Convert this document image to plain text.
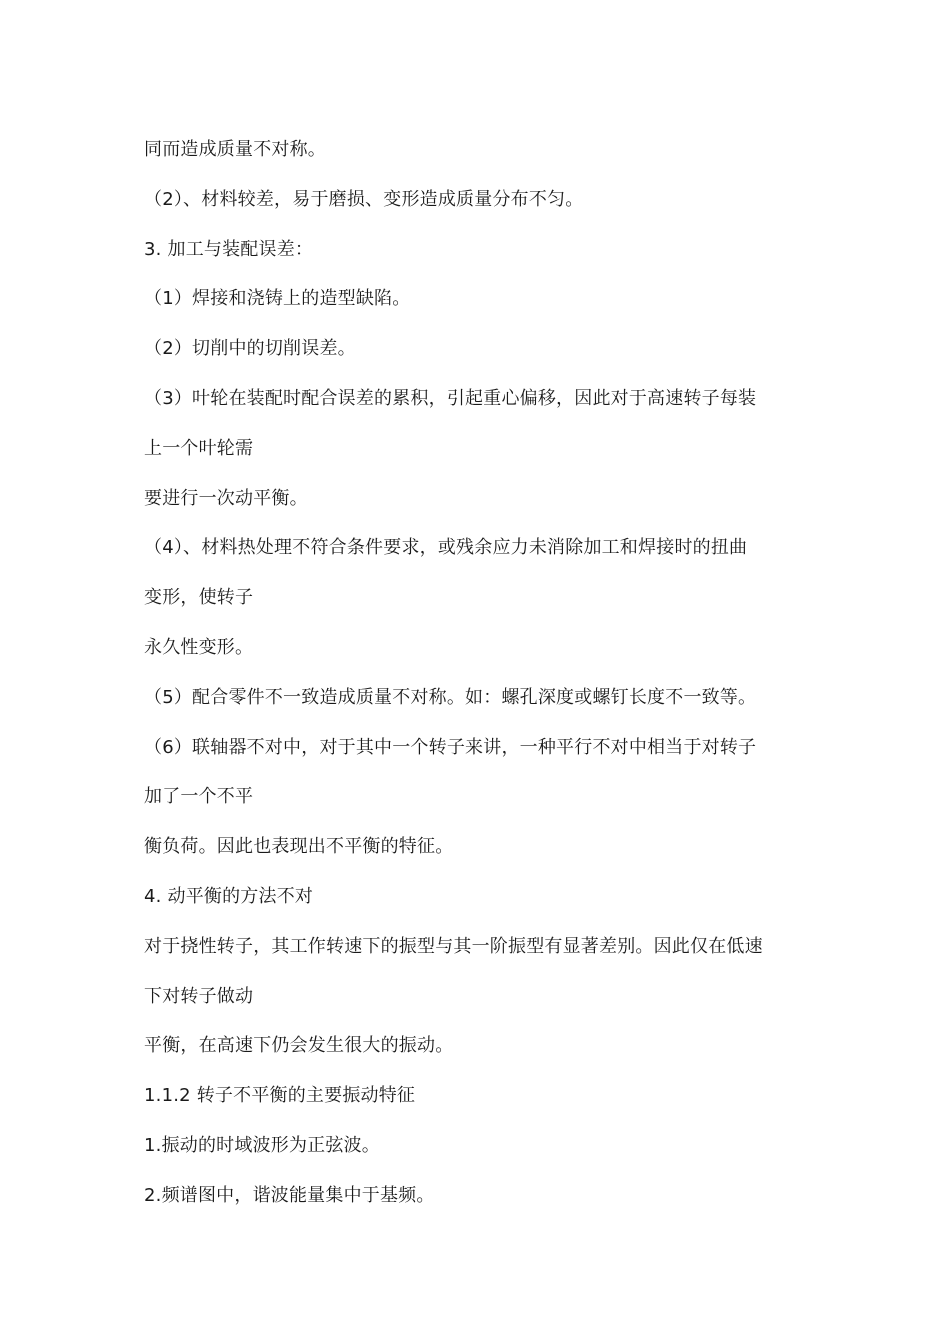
同而造成质量不对称。
（2）、材料较差，易于磨损、变形造成质量分布不匀。
3. 加工与装配误差：
（1）焊接和浇铸上的造型缺陷。
（2）切削中的切削误差。
（3）叶轮在装配时配合误差的累积，引起重心偏移，因此对于高速转子每装
上一个叶轮需
要进行一次动平衡。
（4）、材料热处理不符合条件要求，或残余应力未消除加工和焊接时的扭曲
变形，使转子
永久性变形。
（5）配合零件不一致造成质量不对称。如：螺孔深度或螺钉长度不一致等。
（6）联轴器不对中，对于其中一个转子来讲，一种平行不对中相当于对转子
加了一个不平
衡负荷。因此也表现出不平衡的特征。
4. 动平衡的方法不对
对于挠性转子，其工作转速下的振型与其一阶振型有显著差别。因此仅在低速
下对转子做动
平衡，在高速下仍会发生很大的振动。
1.1.2 转子不平衡的主要振动特征
1.振动的时域波形为正弦波。
2.频谱图中，谐波能量集中于基频。
